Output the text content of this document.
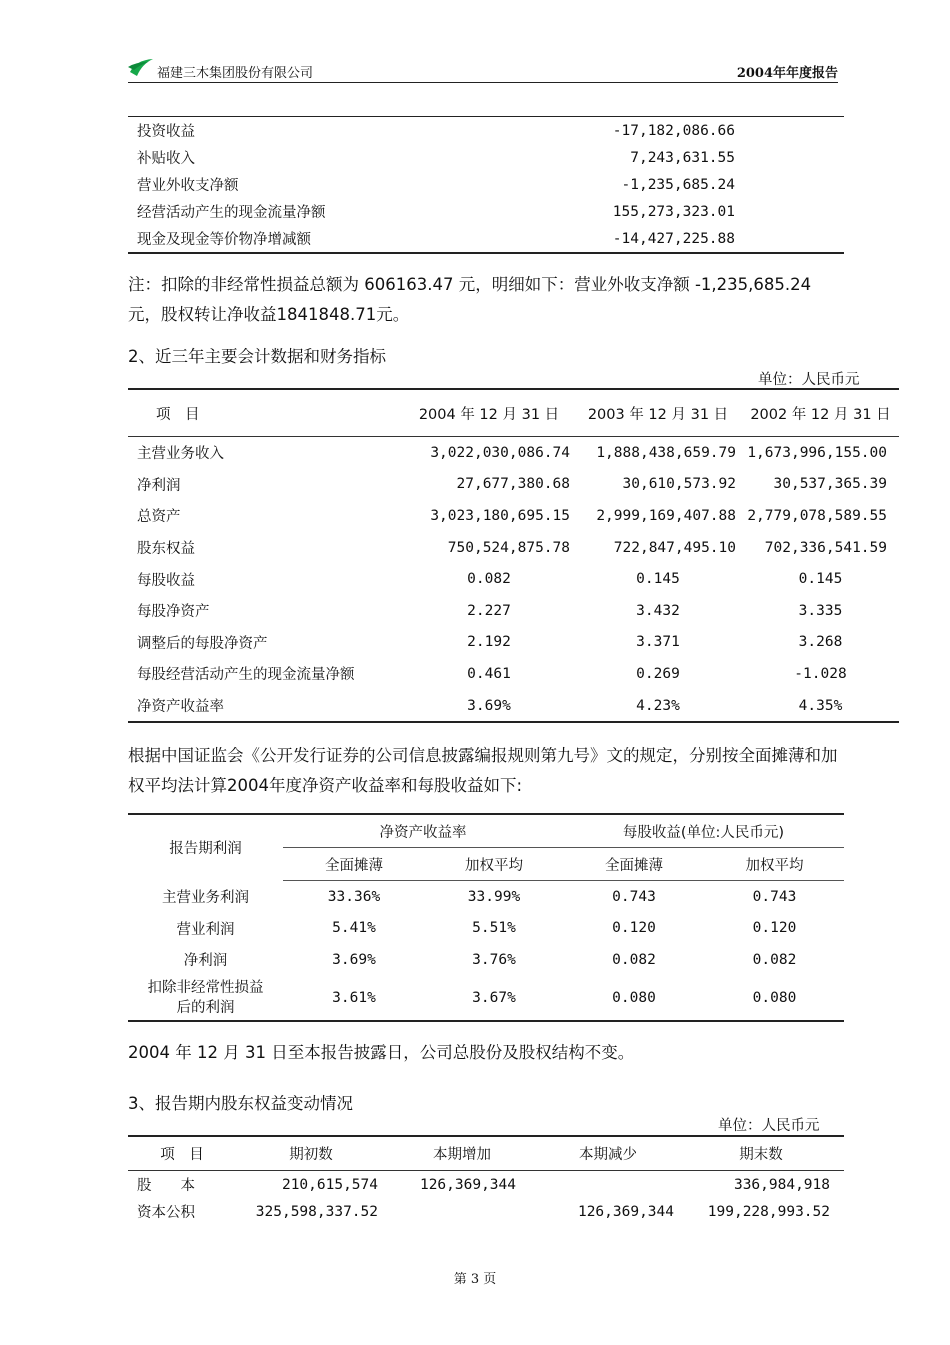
福建三木集团股份有限公司	2004年年度报告
投资收益	-17,182,086.66
补贴收入	7,243,631.55
营业外收支净额	-1,235,685.24
经营活动产生的现金流量净额	155,273,323.01
现金及现金等价物净增减额	-14,427,225.88
注：扣除的非经常性损益总额为 606163.47 元，明细如下：营业外收支净额 -1,235,685.24元，股权转让净收益1841848.71元。
2、近三年主要会计数据和财务指标
单位：人民币元
项　目	2004 年 12 月 31 日	2003 年 12 月 31 日	2002 年 12 月 31 日
主营业务收入	3,022,030,086.74	1,888,438,659.79	1,673,996,155.00
净利润	27,677,380.68	30,610,573.92	30,537,365.39
总资产	3,023,180,695.15	2,999,169,407.88	2,779,078,589.55
股东权益	750,524,875.78	722,847,495.10	702,336,541.59
每股收益	0.082	0.145	0.145
每股净资产	2.227	3.432	3.335
调整后的每股净资产	2.192	3.371	3.268
每股经营活动产生的现金流量净额	0.461	0.269	-1.028
净资产收益率	3.69%	4.23%	4.35%
根据中国证监会《公开发行证券的公司信息披露编报规则第九号》文的规定，分别按全面摊薄和加权平均法计算2004年度净资产收益率和每股收益如下:
报告期利润	净资产收益率		每股收益(单位:人民币元)	
	全面摊薄	加权平均	全面摊薄	加权平均
主营业务利润	33.36%	33.99%	0.743	0.743
营业利润	5.41%	5.51%	0.120	0.120
净利润	3.69%	3.76%	0.082	0.082
扣除非经常性损益
后的利润	3.61%	3.67%	0.080	0.080
2004 年 12 月 31 日至本报告披露日，公司总股份及股权结构不变。
3、报告期内股东权益变动情况
单位：人民币元
项　目	期初数	本期增加	本期减少	期末数
股　　本	210,615,574	126,369,344		336,984,918
资本公积	325,598,337.52		126,369,344	199,228,993.52
第 3 页
